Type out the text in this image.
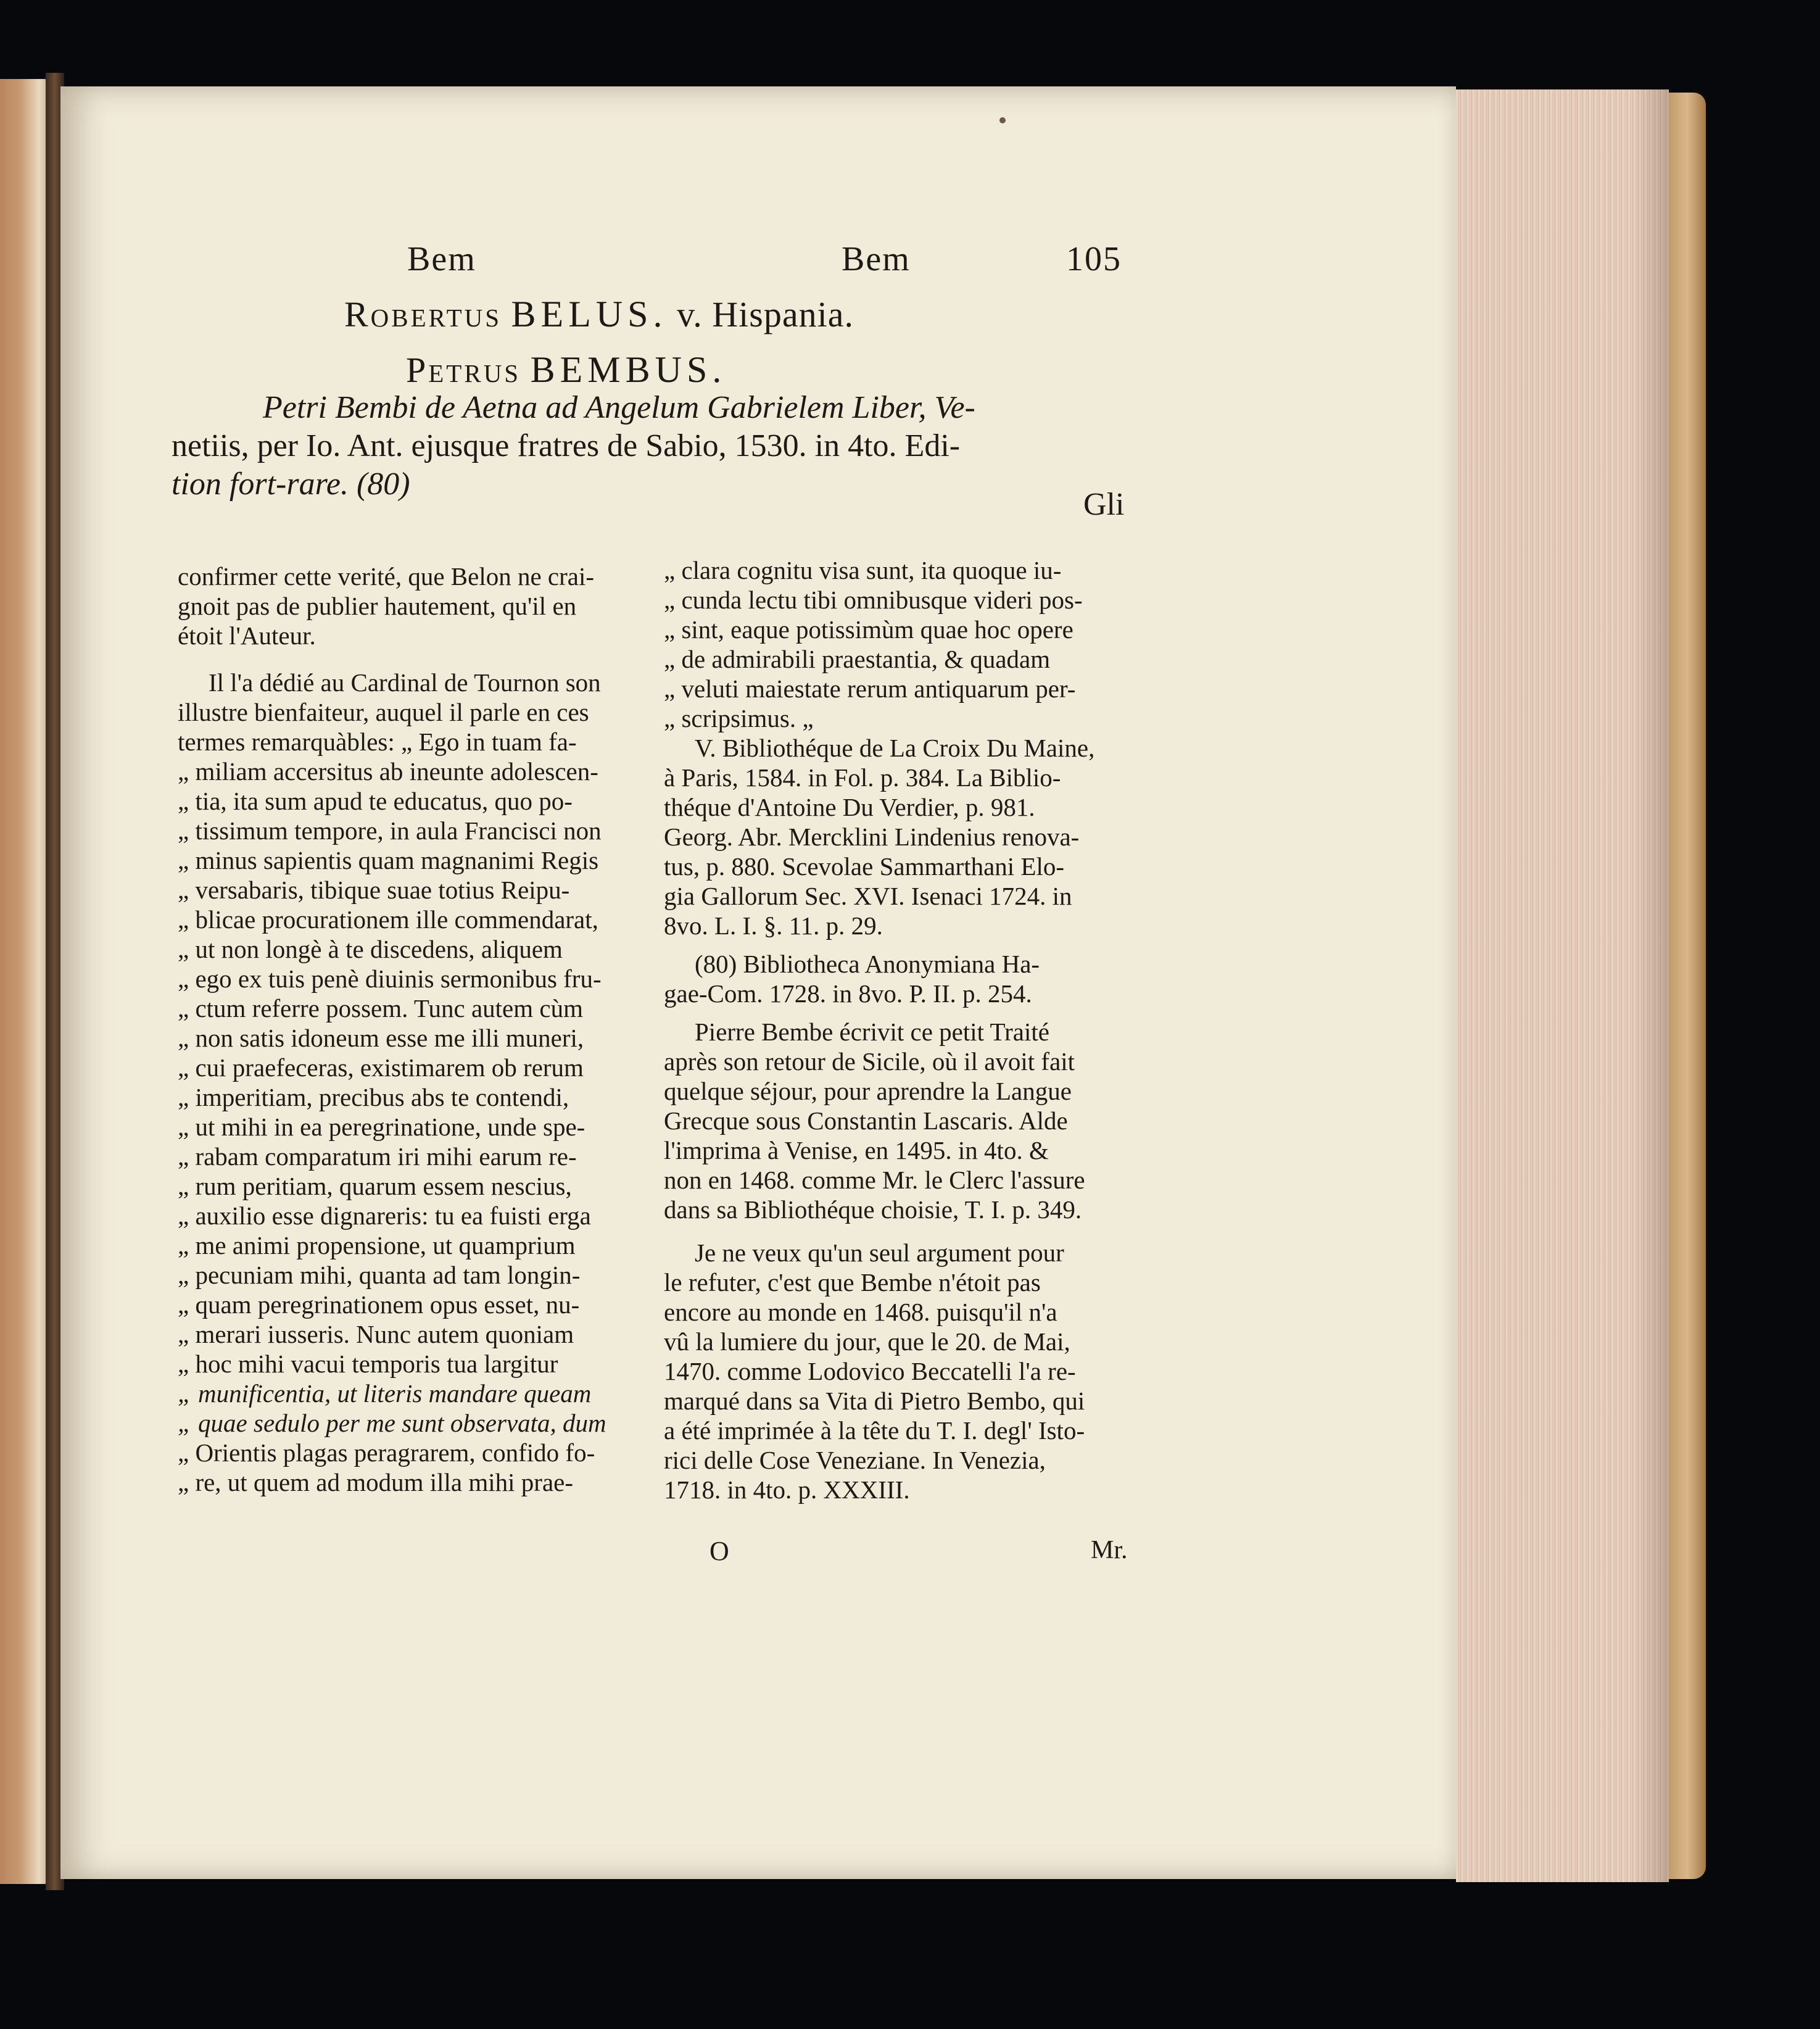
Bem	Bem	105
Robertus BELUS. v. Hispania.
Petrus BEMBUS.
Petri Bembi de Aetna ad Angelum Gabrielem Liber, Ve-
netiis, per Io. Ant. ejusque fratres de Sabio, 1530. in 4to. Edi-
tion fort-rare. (80)
Gli
confirmer cette verité, que Belon ne crai-
gnoit pas de publier hautement, qu'il en
étoit l'Auteur.
Il l'a dédié au Cardinal de Tournon son
illustre bienfaiteur, auquel il parle en ces
termes remarquàbles: „ Ego in tuam fa-
„ miliam accersitus ab ineunte adolescen-
„ tia, ita sum apud te educatus, quo po-
„ tissimum tempore, in aula Francisci non
„ minus sapientis quam magnanimi Regis
„ versabaris, tibique suae totius Reipu-
„ blicae procurationem ille commendarat,
„ ut non longè à te discedens, aliquem
„ ego ex tuis penè diuinis sermonibus fru-
„ ctum referre possem. Tunc autem cùm
„ non satis idoneum esse me illi muneri,
„ cui praefeceras, existimarem ob rerum
„ imperitiam, precibus abs te contendi,
„ ut mihi in ea peregrinatione, unde spe-
„ rabam comparatum iri mihi earum re-
„ rum peritiam, quarum essem nescius,
„ auxilio esse dignareris: tu ea fuisti erga
„ me animi propensione, ut quamprium
„ pecuniam mihi, quanta ad tam longin-
„ quam peregrinationem opus esset, nu-
„ merari iusseris. Nunc autem quoniam
„ hoc mihi vacui temporis tua largitur
„ munificentia, ut literis mandare queam
„ quae sedulo per me sunt observata, dum
„ Orientis plagas peragrarem, confido fo-
„ re, ut quem ad modum illa mihi prae-
„ clara cognitu visa sunt, ita quoque iu-
„ cunda lectu tibi omnibusque videri pos-
„ sint, eaque potissimùm quae hoc opere
„ de admirabili praestantia, & quadam
„ veluti maiestate rerum antiquarum per-
„ scripsimus. „
V. Bibliothéque de La Croix Du Maine,
à Paris, 1584. in Fol. p. 384. La Biblio-
théque d'Antoine Du Verdier, p. 981.
Georg. Abr. Mercklini Lindenius renova-
tus, p. 880. Scevolae Sammarthani Elo-
gia Gallorum Sec. XVI. Isenaci 1724. in
8vo. L. I. §. 11. p. 29.
(80) Bibliotheca Anonymiana Ha-
gae-Com. 1728. in 8vo. P. II. p. 254.
Pierre Bembe écrivit ce petit Traité
après son retour de Sicile, où il avoit fait
quelque séjour, pour aprendre la Langue
Grecque sous Constantin Lascaris. Alde
l'imprima à Venise, en 1495. in 4to. &
non en 1468. comme Mr. le Clerc l'assure
dans sa Bibliothéque choisie, T. I. p. 349.
Je ne veux qu'un seul argument pour
le refuter, c'est que Bembe n'étoit pas
encore au monde en 1468. puisqu'il n'a
vû la lumiere du jour, que le 20. de Mai,
1470. comme Lodovico Beccatelli l'a re-
marqué dans sa Vita di Pietro Bembo, qui
a été imprimée à la tête du T. I. degl' Isto-
rici delle Cose Veneziane. In Venezia,
1718. in 4to. p. XXXIII.
O	Mr.
